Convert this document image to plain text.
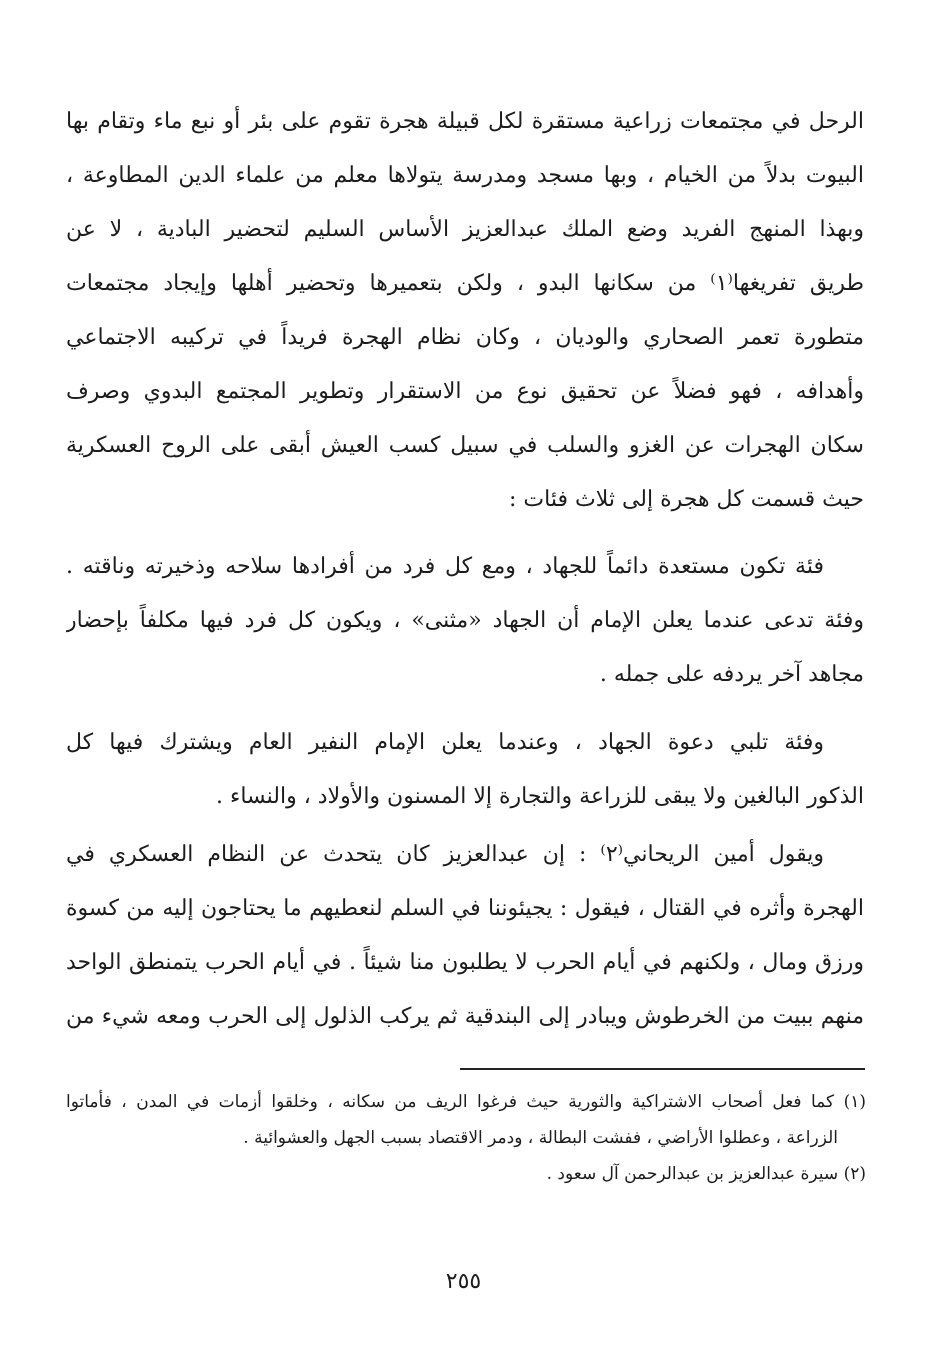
الرحل في مجتمعات زراعية مستقرة لكل قبيلة هجرة تقوم على بئر أو نبع ماء وتقام بها
البيوت بدلاً من الخيام ، وبها مسجد ومدرسة يتولاها معلم من علماء الدين المطاوعة ،
وبهذا المنهج الفريد وضع الملك عبدالعزيز الأساس السليم لتحضير البادية ، لا عن
طريق تفريغها⁽١⁾ من سكانها البدو ، ولكن بتعميرها وتحضير أهلها وإيجاد مجتمعات
متطورة تعمر الصحاري والوديان ، وكان نظام الهجرة فريداً في تركيبه الاجتماعي
وأهدافه ، فهو فضلاً عن تحقيق نوع من الاستقرار وتطوير المجتمع البدوي وصرف
سكان الهجرات عن الغزو والسلب في سبيل كسب العيش أبقى على الروح العسكرية
حيث قسمت كل هجرة إلى ثلاث فئات :
فئة تكون مستعدة دائماً للجهاد ، ومع كل فرد من أفرادها سلاحه وذخيرته وناقته .
وفئة تدعى عندما يعلن الإمام أن الجهاد «مثنى» ، ويكون كل فرد فيها مكلفاً بإحضار
مجاهد آخر يردفه على جمله .
وفئة تلبي دعوة الجهاد ، وعندما يعلن الإمام النفير العام ويشترك فيها كل
الذكور البالغين ولا يبقى للزراعة والتجارة إلا المسنون والأولاد ، والنساء .
ويقول أمين الريحاني⁽٢⁾ : إن عبدالعزيز كان يتحدث عن النظام العسكري في
الهجرة وأثره في القتال ، فيقول : يجيئوننا في السلم لنعطيهم ما يحتاجون إليه من كسوة
ورزق ومال ، ولكنهم في أيام الحرب لا يطلبون منا شيئاً . في أيام الحرب يتمنطق الواحد
منهم ببيت من الخرطوش ويبادر إلى البندقية ثم يركب الذلول إلى الحرب ومعه شيء من
(١) كما فعل أصحاب الاشتراكية والثورية حيث فرغوا الريف من سكانه ، وخلقوا أزمات في المدن ، فأماتوا
الزراعة ، وعطلوا الأراضي ، ففشت البطالة ، ودمر الاقتصاد بسبب الجهل والعشوائية .
(٢) سيرة عبدالعزيز بن عبدالرحمن آل سعود .
٢٥٥
